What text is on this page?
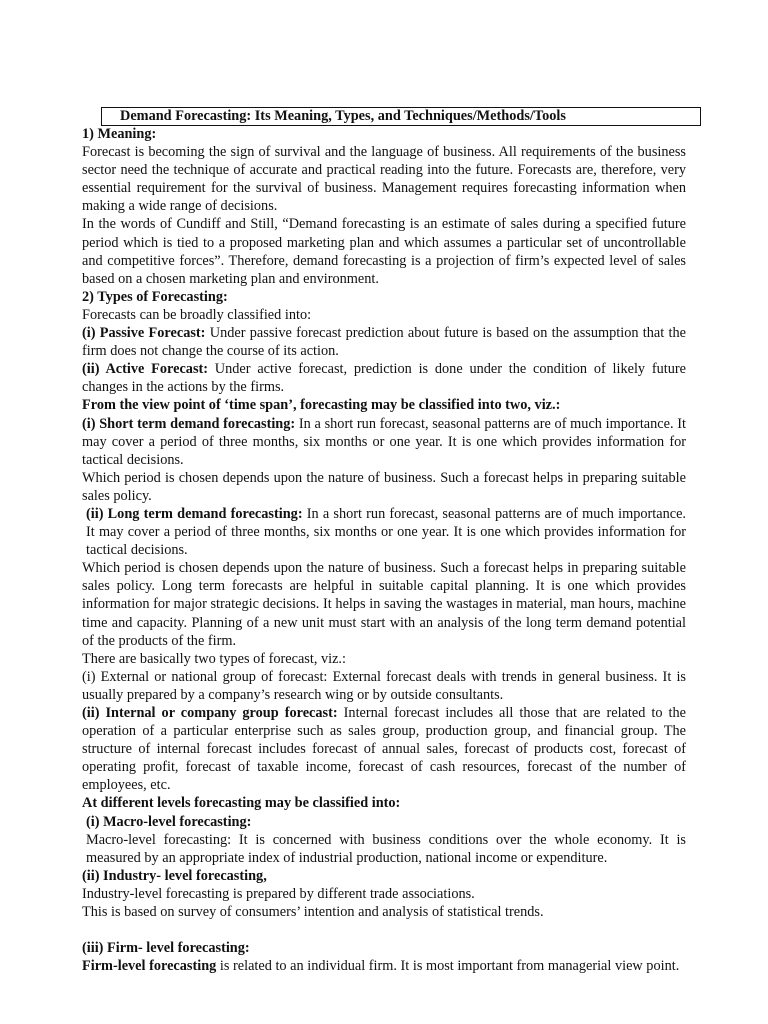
Demand Forecasting: Its Meaning, Types, and Techniques/Methods/Tools

1) Meaning:

Forecast is becoming the sign of survival and the language of business. All requirements of the business sector need the technique of accurate and practical reading into the future. Forecasts are, therefore, very essential requirement for the survival of business. Management requires forecasting information when making a wide range of decisions.

In the words of Cundiff and Still, “Demand forecasting is an estimate of sales during a specified future period which is tied to a proposed marketing plan and which assumes a particular set of uncontrollable and competitive forces”. Therefore, demand forecasting is a projection of firm’s expected level of sales based on a chosen marketing plan and environment.

2) Types of Forecasting:

Forecasts can be broadly classified into:

(i) Passive Forecast: Under passive forecast prediction about future is based on the assumption that the firm does not change the course of its action.

(ii) Active Forecast: Under active forecast, prediction is done under the condition of likely future changes in the actions by the firms.

From the view point of ‘time span’, forecasting may be classified into two, viz.:

(i) Short term demand forecasting: In a short run forecast, seasonal patterns are of much importance. It may cover a period of three months, six months or one year. It is one which provides information for tactical decisions.

Which period is chosen depends upon the nature of business. Such a forecast helps in preparing suitable sales policy.

(ii) Long term demand forecasting: In a short run forecast, seasonal patterns are of much importance. It may cover a period of three months, six months or one year. It is one which provides information for tactical decisions.

Which period is chosen depends upon the nature of business. Such a forecast helps in preparing suitable sales policy. Long term forecasts are helpful in suitable capital planning. It is one which provides information for major strategic decisions. It helps in saving the wastages in material, man hours, machine time and capacity. Planning of a new unit must start with an analysis of the long term demand potential of the products of the firm.

There are basically two types of forecast, viz.:

(i) External or national group of forecast: External forecast deals with trends in general business. It is usually prepared by a company’s research wing or by outside consultants.

(ii) Internal or company group forecast: Internal forecast includes all those that are related to the operation of a particular enterprise such as sales group, production group, and financial group. The structure of internal forecast includes forecast of annual sales, forecast of products cost, forecast of operating profit, forecast of taxable income, forecast of cash resources, forecast of the number of employees, etc.

At different levels forecasting may be classified into:

(i) Macro-level forecasting:

Macro-level forecasting: It is concerned with business conditions over the whole economy. It is measured by an appropriate index of industrial production, national income or expenditure.

(ii) Industry- level forecasting,

Industry-level forecasting is prepared by different trade associations.

This is based on survey of consumers’ intention and analysis of statistical trends.

(iii) Firm- level forecasting:

Firm-level forecasting is related to an individual firm. It is most important from managerial view point.
